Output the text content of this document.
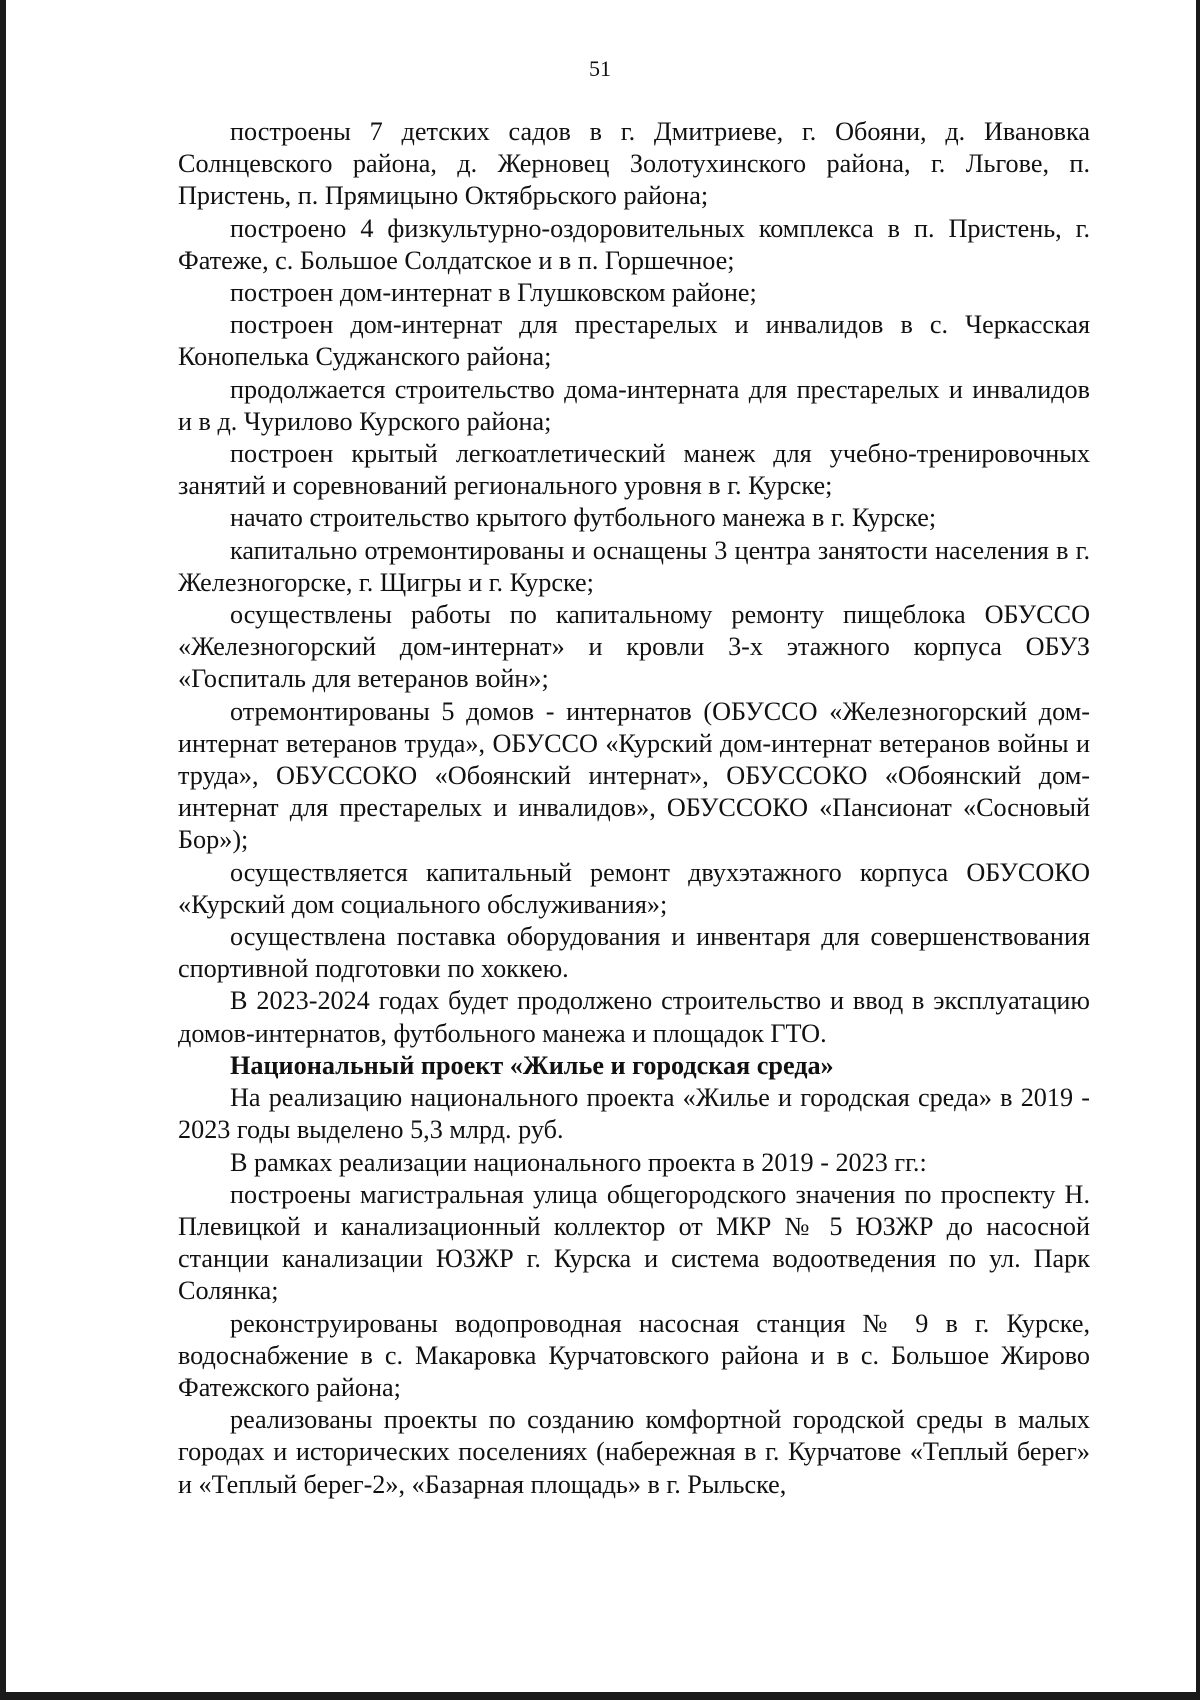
51

построены 7 детских садов в г. Дмитриеве, г. Обояни, д. Ивановка Солнцевского района, д. Жерновец Золотухинского района, г. Льгове, п. Пристень, п. Прямицыно Октябрьского района;

построено 4 физкультурно-оздоровительных комплекса в п. Пристень, г. Фатеже, с. Большое Солдатское и в п. Горшечное;

построен дом-интернат в Глушковском районе;

построен дом-интернат для престарелых и инвалидов в с. Черкасская Конопелька Суджанского района;

продолжается строительство дома-интерната для престарелых и инвалидов и в д. Чурилово Курского района;

построен крытый легкоатлетический манеж для учебно-тренировочных занятий и соревнований регионального уровня в г. Курске;

начато строительство крытого футбольного манежа в г. Курске;

капитально отремонтированы и оснащены 3 центра занятости населения в г. Железногорске, г. Щигры и г. Курске;

осуществлены работы по капитальному ремонту пищеблока ОБУССО «Железногорский дом-интернат» и кровли 3-х этажного корпуса ОБУЗ «Госпиталь для ветеранов войн»;

отремонтированы 5 домов - интернатов (ОБУССО «Железногорский дом-интернат ветеранов труда», ОБУССО «Курский дом-интернат ветеранов войны и труда», ОБУССОКО «Обоянский интернат», ОБУССОКО «Обоянский дом-интернат для престарелых и инвалидов», ОБУССОКО «Пансионат «Сосновый Бор»);

осуществляется капитальный ремонт двухэтажного корпуса ОБУСОКО «Курский дом социального обслуживания»;

осуществлена поставка оборудования и инвентаря для совершенствования спортивной подготовки по хоккею.

В 2023-2024 годах будет продолжено строительство и ввод в эксплуатацию домов-интернатов, футбольного манежа и площадок ГТО.

Национальный проект «Жилье и городская среда»

На реализацию национального проекта «Жилье и городская среда» в 2019 - 2023 годы выделено 5,3 млрд. руб.

В рамках реализации национального проекта в 2019 - 2023 гг.:

построены магистральная улица общегородского значения по проспекту Н. Плевицкой и канализационный коллектор от МКР № 5 ЮЗЖР до насосной станции канализации ЮЗЖР г. Курска и система водоотведения по ул. Парк Солянка;

реконструированы водопроводная насосная станция № 9 в г. Курске, водоснабжение в с. Макаровка Курчатовского района и в с. Большое Жирово Фатежского района;

реализованы проекты по созданию комфортной городской среды в малых городах и исторических поселениях (набережная в г. Курчатове «Теплый берег» и «Теплый берег-2», «Базарная площадь» в г. Рыльске,
